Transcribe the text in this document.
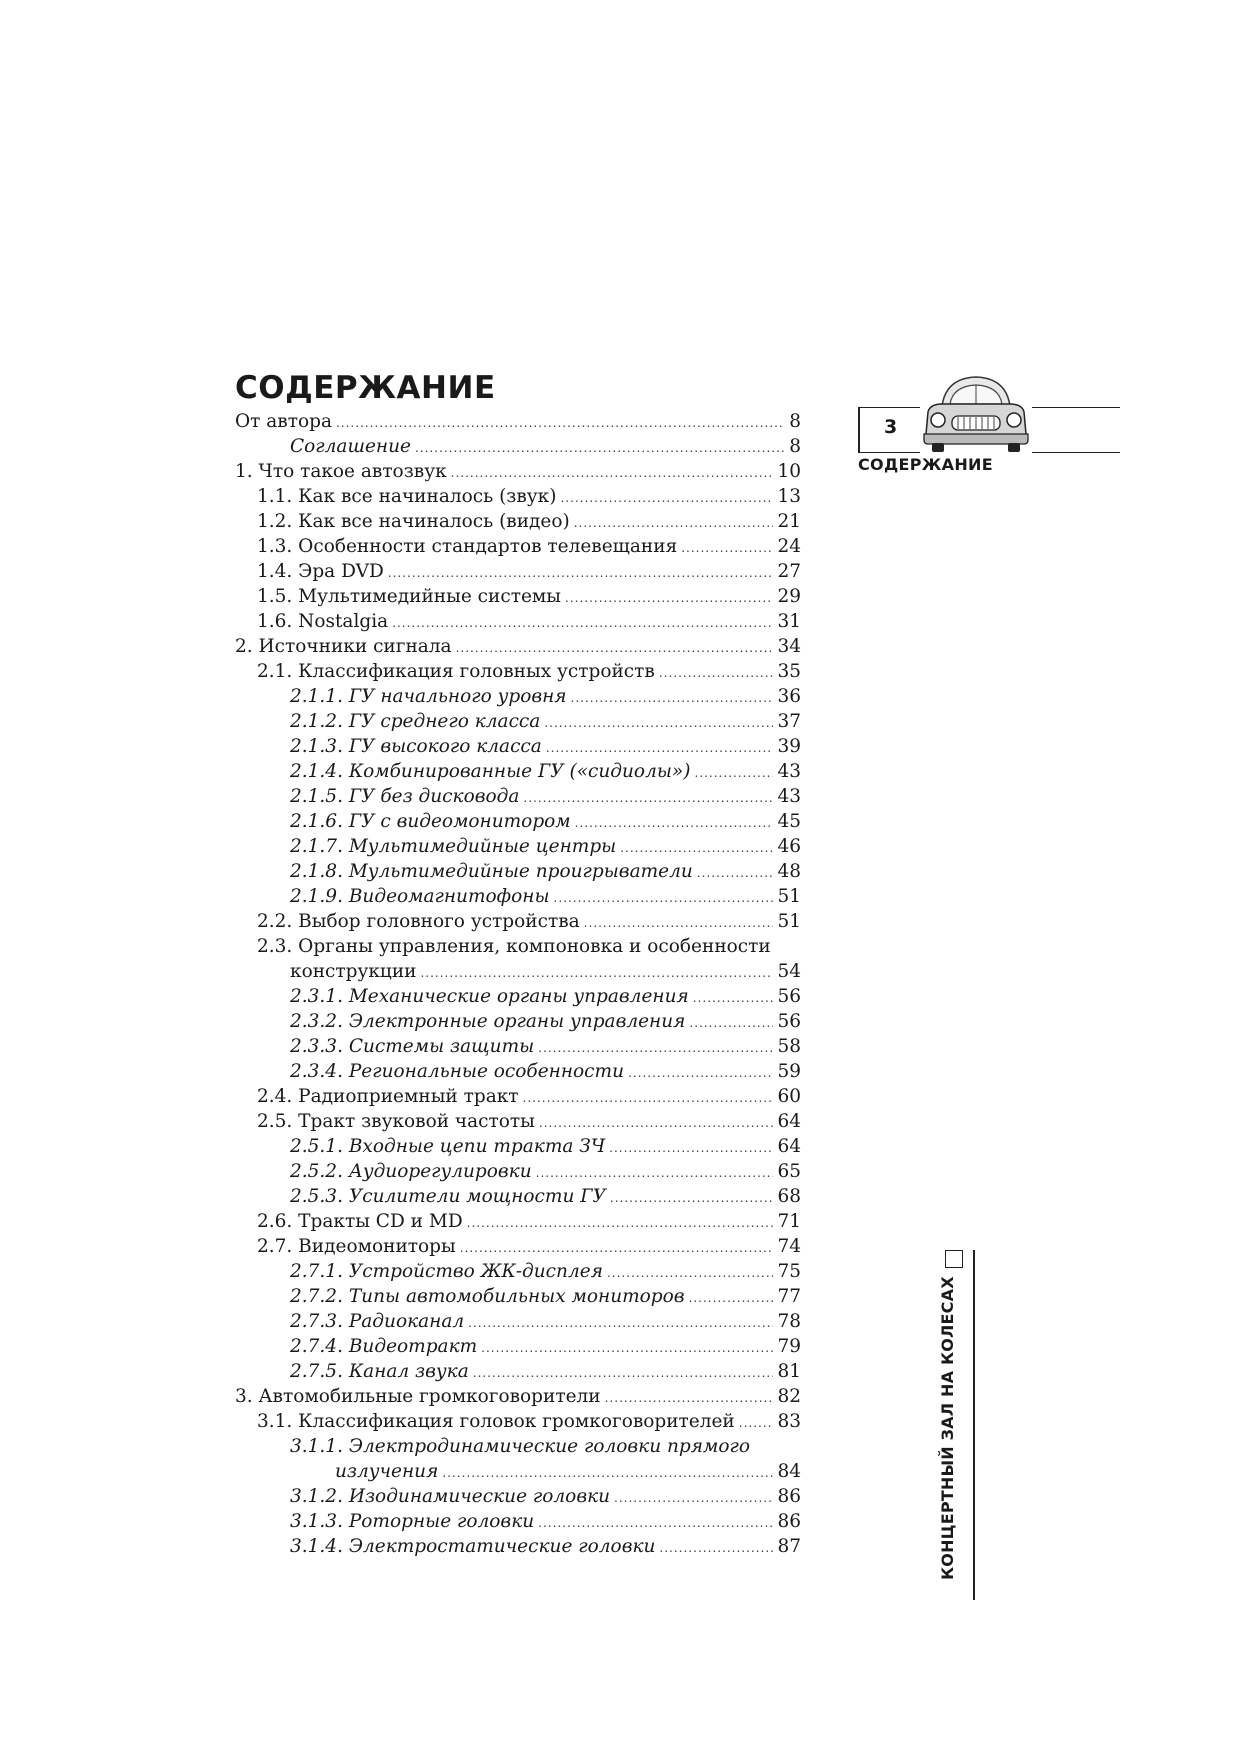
СОДЕРЖАНИЕ
От автора .....	8
Соглашение .....	8
1. Что такое автозвук .....	10
1.1. Как все начиналось (звук) .....	13
1.2. Как все начиналось (видео) .....	21
1.3. Особенности стандартов телевещания .....	24
1.4. Эра DVD .....	27
1.5. Мультимедийные системы .....	29
1.6. Nostalgia .....	31
2. Источники сигнала .....	34
2.1. Классификация головных устройств .....	35
2.1.1. ГУ начального уровня .....	36
2.1.2. ГУ среднего класса .....	37
2.1.3. ГУ высокого класса .....	39
2.1.4. Комбинированные ГУ («сидиолы») .....	43
2.1.5. ГУ без дисковода .....	43
2.1.6. ГУ с видеомонитором .....	45
2.1.7. Мультимедийные центры .....	46
2.1.8. Мультимедийные проигрыватели .....	48
2.1.9. Видеомагнитофоны .....	51
2.2. Выбор головного устройства .....	51
2.3. Органы управления, компоновка и особенности
конструкции .....	54
2.3.1. Механические органы управления .....	56
2.3.2. Электронные органы управления .....	56
2.3.3. Системы защиты .....	58
2.3.4. Региональные особенности .....	59
2.4. Радиоприемный тракт .....	60
2.5. Тракт звуковой частоты .....	64
2.5.1. Входные цепи тракта ЗЧ .....	64
2.5.2. Аудиорегулировки .....	65
2.5.3. Усилители мощности ГУ .....	68
2.6. Тракты CD и MD .....	71
2.7. Видеомониторы .....	74
2.7.1. Устройство ЖК-дисплея .....	75
2.7.2. Типы автомобильных мониторов .....	77
2.7.3. Радиоканал .....	78
2.7.4. Видеотракт .....	79
2.7.5. Канал звука .....	81
3. Автомобильные громкоговорители .....	82
3.1. Классификация головок громкоговорителей ..... 83
3.1.1. Электродинамические головки прямого
излучения .....	84
3.1.2. Изодинамические головки .....	86
3.1.3. Роторные головки .....	86
3.1.4. Электростатические головки .....	87
3
СОДЕРЖАНИЕ
КОНЦЕРТНЫЙ ЗАЛ НА КОЛЕСАХ
